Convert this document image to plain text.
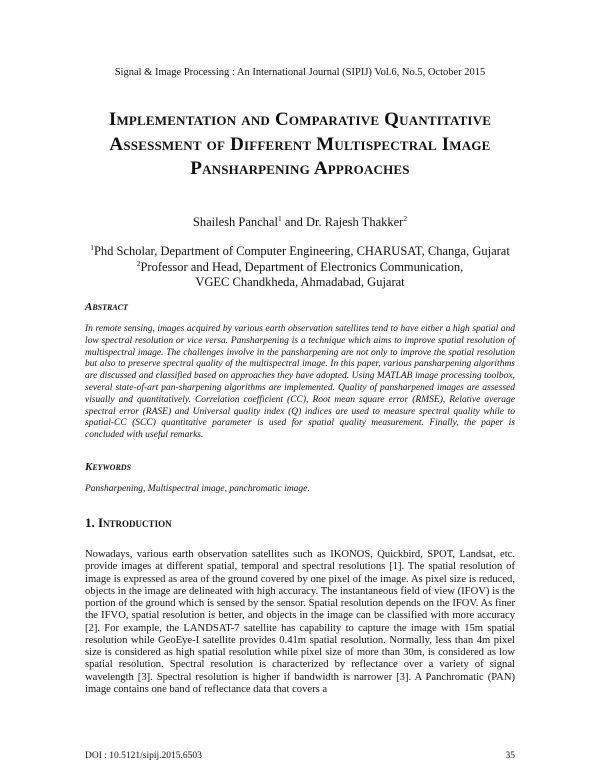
Signal & Image Processing : An International Journal (SIPIJ) Vol.6, No.5, October 2015
Implementation and Comparative Quantitative Assessment of Different Multispectral Image Pansharpening Approaches
Shailesh Panchal$^1$ and Dr. Rajesh Thakker$^2$
$^1$Phd Scholar, Department of Computer Engineering, CHARUSAT, Changa, Gujarat
$^2$Professor and Head, Department of Electronics Communication,
VGEC Chandkheda, Ahmadabad, Gujarat
Abstract
In remote sensing, images acquired by various earth observation satellites tend to have either a high spatial and low spectral resolution or vice versa. Pansharpening is a technique which aims to improve spatial resolution of multispectral image. The challenges involve in the pansharpening are not only to improve the spatial resolution but also to preserve spectral quality of the multispectral image. In this paper, various pansharpening algorithms are discussed and classified based on approaches they have adopted. Using MATLAB image processing toolbox, several state-of-art pan-sharpening algorithms are implemented. Quality of pansharpened images are assessed visually and quantitatively. Correlation coefficient (CC), Root mean square error (RMSE), Relative average spectral error (RASE) and Universal quality index (Q) indices are used to measure spectral quality while to spatial-CC (SCC) quantitative parameter is used for spatial quality measurement. Finally, the paper is concluded with useful remarks.
Keywords
Pansharpening, Multispectral image, panchromatic image.
1. Introduction
Nowadays, various earth observation satellites such as IKONOS, Quickbird, SPOT, Landsat, etc. provide images at different spatial, temporal and spectral resolutions [1]. The spatial resolution of image is expressed as area of the ground covered by one pixel of the image. As pixel size is reduced, objects in the image are delineated with high accuracy. The instantaneous field of view (IFOV) is the portion of the ground which is sensed by the sensor. Spatial resolution depends on the IFOV. As finer the IFVO, spatial resolution is better, and objects in the image can be classified with more accuracy [2]. For example, the LANDSAT-7 satellite has capability to capture the image with 15m spatial resolution while GeoEye-I satellite provides 0.41m spatial resolution. Normally, less than 4m pixel size is considered as high spatial resolution while pixel size of more than 30m, is considered as low spatial resolution. Spectral resolution is characterized by reflectance over a variety of signal wavelength [3]. Spectral resolution is higher if bandwidth is narrower [3]. A Panchromatic (PAN) image contains one band of reflectance data that covers a
DOI : 10.5121/sipij.2015.6503	35
